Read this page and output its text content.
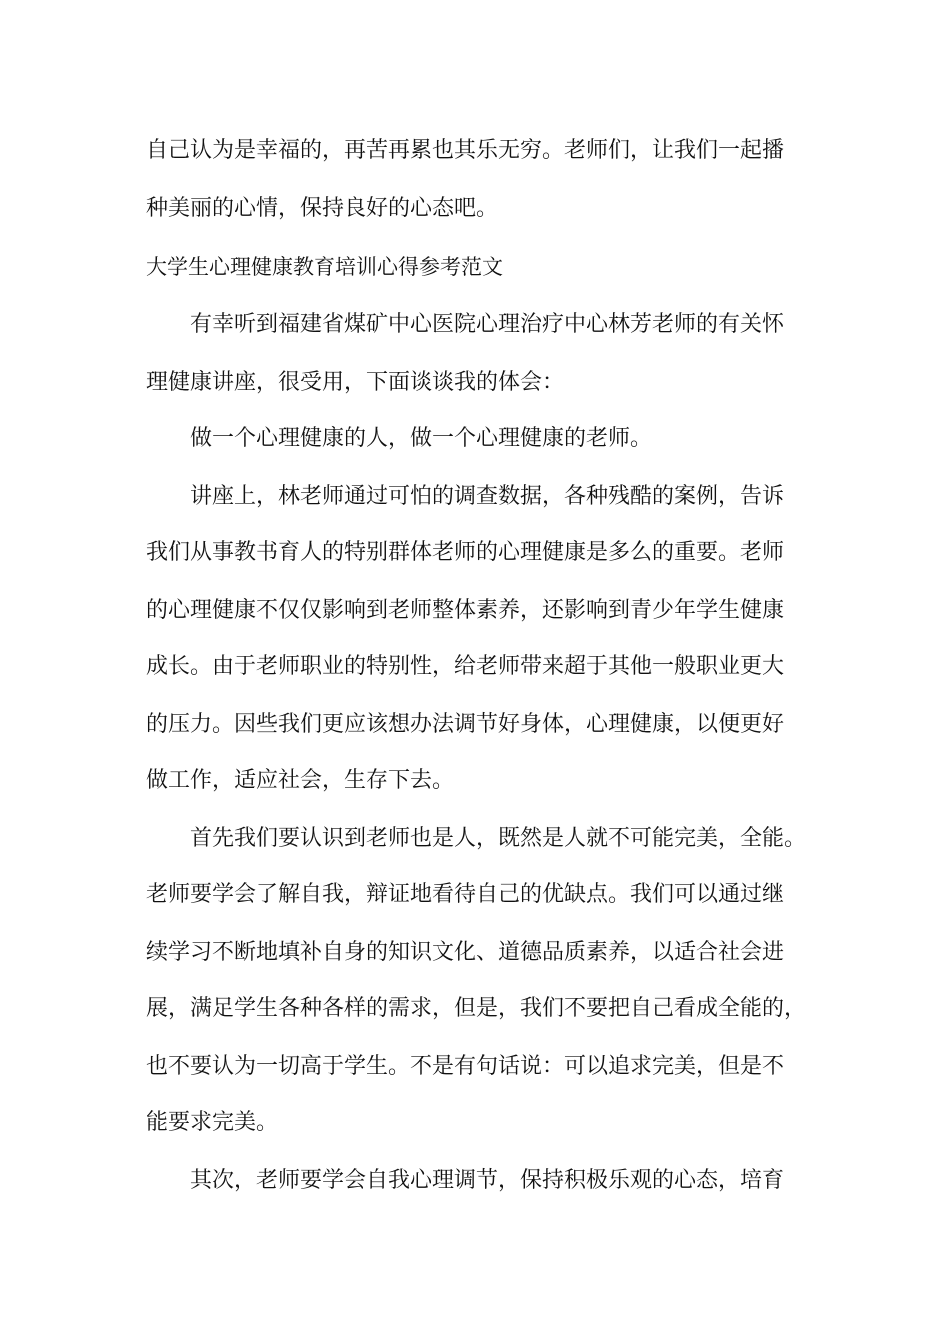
自己认为是幸福的，再苦再累也其乐无穷。老师们，让我们一起播
种美丽的心情，保持良好的心态吧。
大学生心理健康教育培训心得参考范文
有幸听到福建省煤矿中心医院心理治疗中心林芳老师的有关怀
理健康讲座，很受用，下面谈谈我的体会：
做一个心理健康的人，做一个心理健康的老师。
讲座上，林老师通过可怕的调查数据，各种残酷的案例，告诉
我们从事教书育人的特别群体老师的心理健康是多么的重要。老师
的心理健康不仅仅影响到老师整体素养，还影响到青少年学生健康
成长。由于老师职业的特别性，给老师带来超于其他一般职业更大
的压力。因些我们更应该想办法调节好身体，心理健康，以便更好
做工作，适应社会，生存下去。
首先我们要认识到老师也是人，既然是人就不可能完美，全能。
老师要学会了解自我，辩证地看待自己的优缺点。我们可以通过继
续学习不断地填补自身的知识文化、道德品质素养，以适合社会进
展，满足学生各种各样的需求，但是，我们不要把自己看成全能的，
也不要认为一切高于学生。不是有句话说：可以追求完美，但是不
能要求完美。
其次，老师要学会自我心理调节，保持积极乐观的心态，培育
